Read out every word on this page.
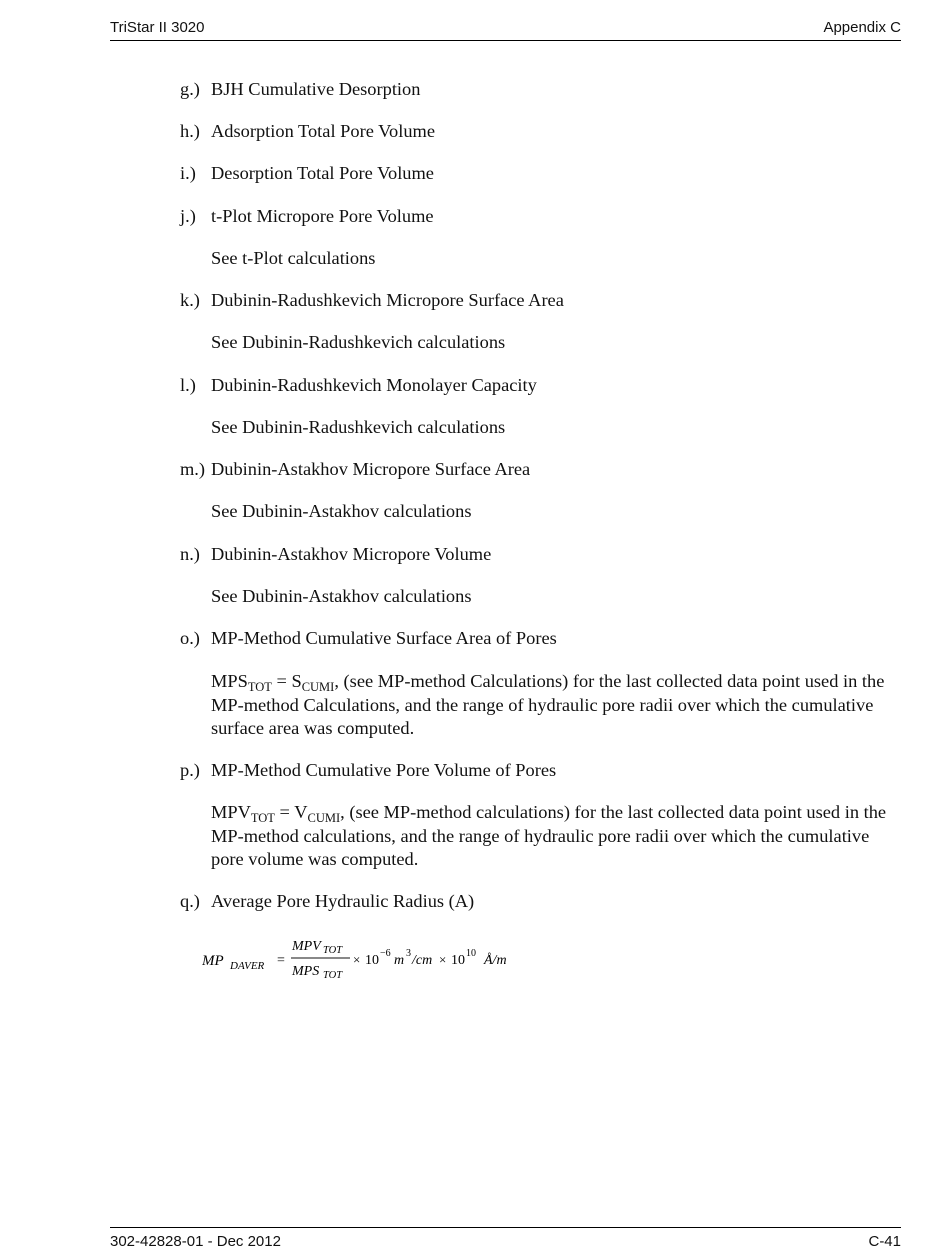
TriStar II 3020	Appendix C
g.) BJH Cumulative Desorption
h.) Adsorption Total Pore Volume
i.) Desorption Total Pore Volume
j.) t-Plot Micropore Pore Volume
See t-Plot calculations
k.) Dubinin-Radushkevich Micropore Surface Area
See Dubinin-Radushkevich calculations
l.) Dubinin-Radushkevich Monolayer Capacity
See Dubinin-Radushkevich calculations
m.) Dubinin-Astakhov Micropore Surface Area
See Dubinin-Astakhov calculations
n.) Dubinin-Astakhov Micropore Volume
See Dubinin-Astakhov calculations
o.) MP-Method Cumulative Surface Area of Pores
$MPS_{TOT} = S_{CUMI}$, (see MP-method Calculations) for the last collected data point used in the
MP-method Calculations, and the range of hydraulic pore radii over which the cumulative
surface area was computed.
p.) MP-Method Cumulative Pore Volume of Pores
$MPV_{TOT} = V_{CUMI}$, (see MP-method calculations) for the last collected data point used in the
MP-method calculations, and the range of hydraulic pore radii over which the cumulative
pore volume was computed.
q.) Average Pore Hydraulic Radius (A)
MP DAVER =
MPV TOT
MPS TOT
× 10 −6 m 3 /cm × 10 10 Å/m
302-42828-01 - Dec 2012	C-41
